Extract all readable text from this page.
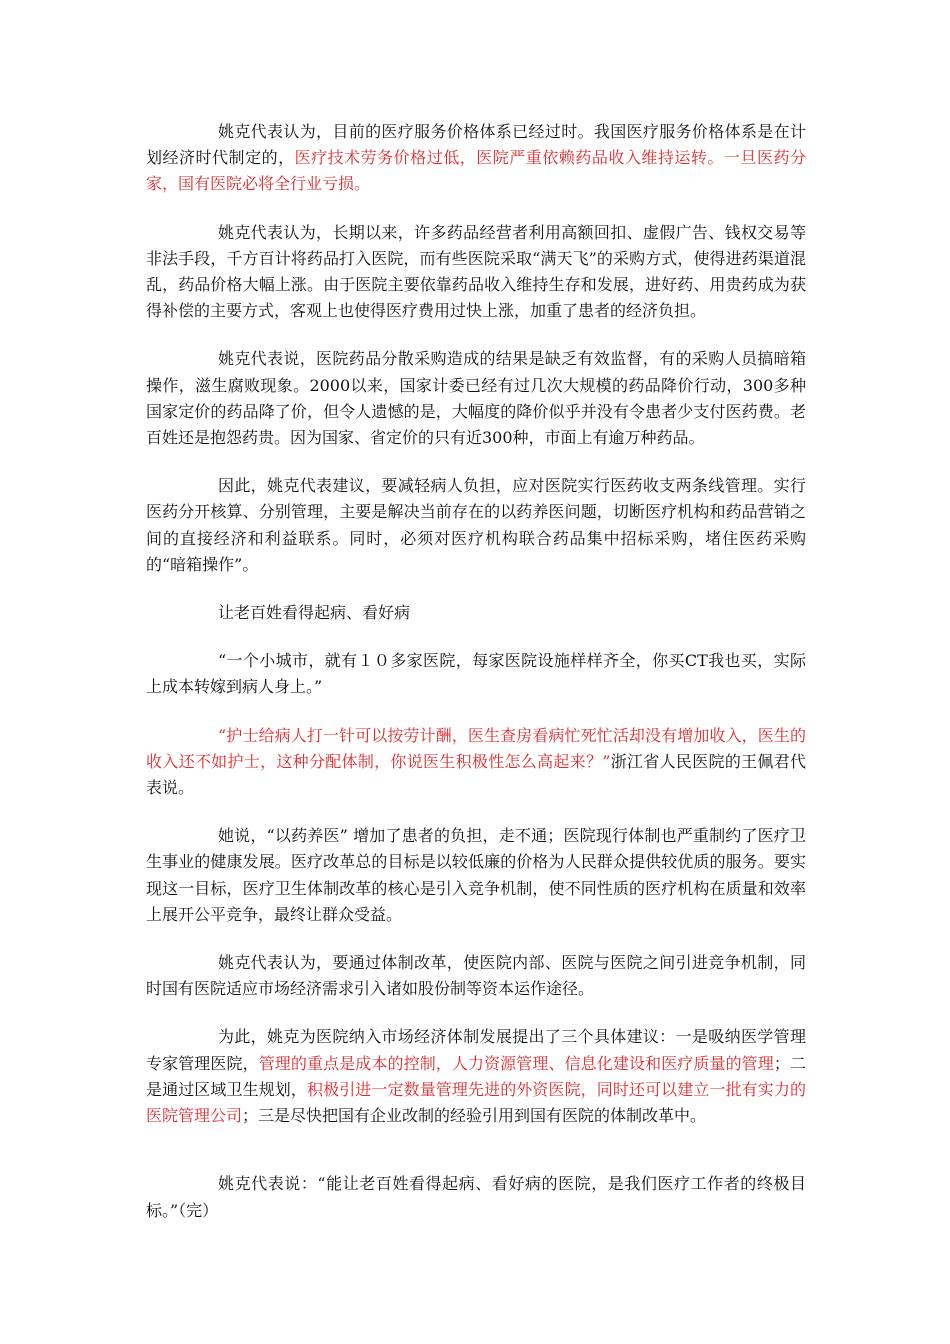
姚克代表认为，目前的医疗服务价格体系已经过时。我国医疗服务价格体系是在计划经济时代制定的，医疗技术劳务价格过低，医院严重依赖药品收入维持运转。一旦医药分家，国有医院必将全行业亏损。

姚克代表认为，长期以来，许多药品经营者利用高额回扣、虚假广告、钱权交易等非法手段，千方百计将药品打入医院，而有些医院采取“满天飞”的采购方式，使得进药渠道混乱，药品价格大幅上涨。由于医院主要依靠药品收入维持生存和发展，进好药、用贵药成为获得补偿的主要方式，客观上也使得医疗费用过快上涨，加重了患者的经济负担。

姚克代表说，医院药品分散采购造成的结果是缺乏有效监督，有的采购人员搞暗箱操作，滋生腐败现象。2000以来，国家计委已经有过几次大规模的药品降价行动，300多种国家定价的药品降了价，但令人遗憾的是，大幅度的降价似乎并没有令患者少支付医药费。老百姓还是抱怨药贵。因为国家、省定价的只有近300种，市面上有逾万种药品。

因此，姚克代表建议，要减轻病人负担，应对医院实行医药收支两条线管理。实行医药分开核算、分别管理，主要是解决当前存在的以药养医问题，切断医疗机构和药品营销之间的直接经济和利益联系。同时，必须对医疗机构联合药品集中招标采购，堵住医药采购的“暗箱操作”。

让老百姓看得起病、看好病

“一个小城市，就有１０多家医院，每家医院设施样样齐全，你买CT我也买，实际上成本转嫁到病人身上。”

“护士给病人打一针可以按劳计酬，医生查房看病忙死忙活却没有增加收入，医生的收入还不如护士，这种分配体制，你说医生积极性怎么高起来？”浙江省人民医院的王佩君代表说。

她说，“以药养医” 增加了患者的负担，走不通；医院现行体制也严重制约了医疗卫生事业的健康发展。医疗改革总的目标是以较低廉的价格为人民群众提供较优质的服务。要实现这一目标，医疗卫生体制改革的核心是引入竞争机制，使不同性质的医疗机构在质量和效率上展开公平竞争，最终让群众受益。

姚克代表认为，要通过体制改革，使医院内部、医院与医院之间引进竞争机制，同时国有医院适应市场经济需求引入诸如股份制等资本运作途径。

为此，姚克为医院纳入市场经济体制发展提出了三个具体建议：一是吸纳医学管理专家管理医院，管理的重点是成本的控制，人力资源管理、信息化建设和医疗质量的管理；二是通过区域卫生规划，积极引进一定数量管理先进的外资医院，同时还可以建立一批有实力的医院管理公司；三是尽快把国有企业改制的经验引用到国有医院的体制改革中。

姚克代表说：“能让老百姓看得起病、看好病的医院，是我们医疗工作者的终极目标。”（完）
